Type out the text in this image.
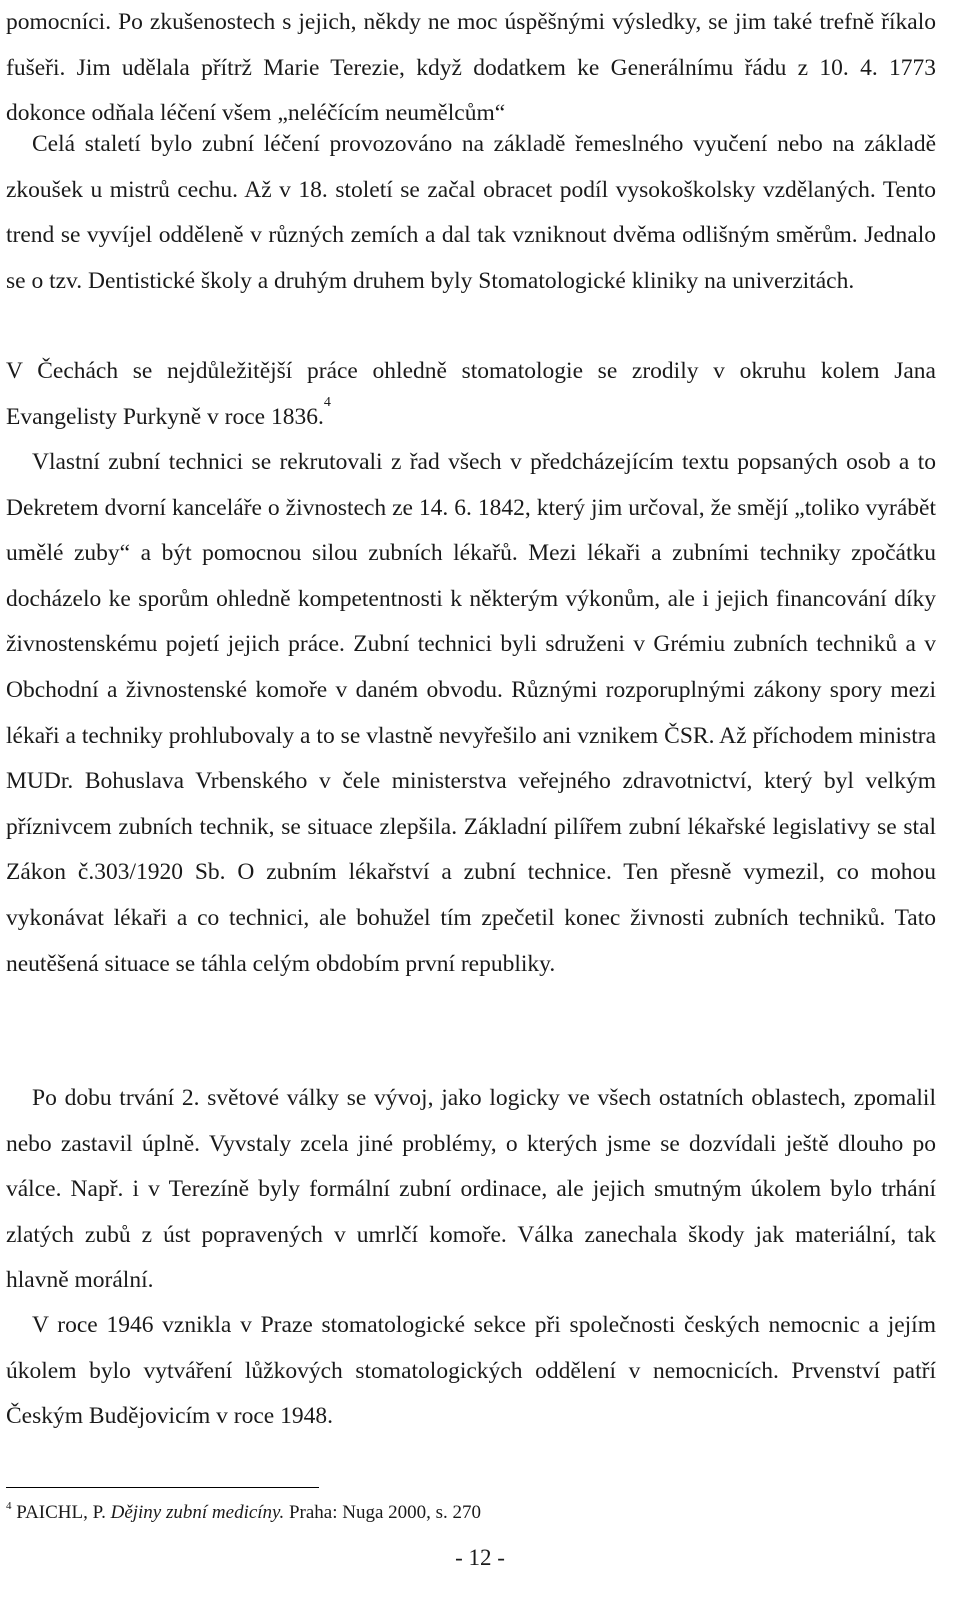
pomocníci. Po zkušenostech s jejich, někdy ne moc úspěšnými výsledky, se jim také trefně říkalo fušeři. Jim udělala přítrž Marie Terezie, když dodatkem ke Generálnímu řádu z 10. 4. 1773 dokonce odňala léčení všem „neléčícím neumělcům“

Celá staletí bylo zubní léčení provozováno na základě řemeslného vyučení nebo na základě zkoušek u mistrů cechu. Až v 18. století se začal obracet podíl vysokoškolsky vzdělaných. Tento trend se vyvíjel odděleně v různých zemích a dal tak vzniknout dvěma odlišným směrům. Jednalo se o tzv. Dentistické školy a druhým druhem byly Stomatologické kliniky na univerzitách.

V Čechách se nejdůležitější práce ohledně stomatologie se zrodily v okruhu kolem Jana Evangelisty Purkyně v roce 1836.$^4$

Vlastní zubní technici se rekrutovali z řad všech v předcházejícím textu popsaných osob a to Dekretem dvorní kanceláře o živnostech ze 14. 6. 1842, který jim určoval, že smějí „toliko vyrábět umělé zuby“ a být pomocnou silou zubních lékařů. Mezi lékaři a zubními techniky zpočátku docházelo ke sporům ohledně kompetentnosti k některým výkonům, ale i jejich financování díky živnostenskému pojetí jejich práce. Zubní technici byli sdruženi v Grémiu zubních techniků a v Obchodní a živnostenské komoře v daném obvodu. Různými rozporuplnými zákony spory mezi lékaři a techniky prohlubovaly a to se vlastně nevyřešilo ani vznikem ČSR. Až příchodem ministra MUDr. Bohuslava Vrbenského v čele ministerstva veřejného zdravotnictví, který byl velkým příznivcem zubních technik, se situace zlepšila. Základní pilířem zubní lékařské legislativy se stal Zákon č.303/1920 Sb. O zubním lékařství a zubní technice. Ten přesně vymezil, co mohou vykonávat lékaři a co technici, ale bohužel tím zpečetil konec živnosti zubních techniků. Tato neutěšená situace se táhla celým obdobím první republiky.

Po dobu trvání 2. světové války se vývoj, jako logicky ve všech ostatních oblastech, zpomalil nebo zastavil úplně. Vyvstaly zcela jiné problémy, o kterých jsme se dozvídali ještě dlouho po válce. Např. i v Terezíně byly formální zubní ordinace, ale jejich smutným úkolem bylo trhání zlatých zubů z úst popravených v umrlčí komoře. Válka zanechala škody jak materiální, tak hlavně morální.

V roce 1946 vznikla v Praze stomatologické sekce při společnosti českých nemocnic a jejím úkolem bylo vytváření lůžkových stomatologických oddělení v nemocnicích. Prvenství patří Českým Budějovicím v roce 1948.

$^4$ PAICHL, P. Dějiny zubní medicíny. Praha: Nuga 2000, s. 270

- 12 -
